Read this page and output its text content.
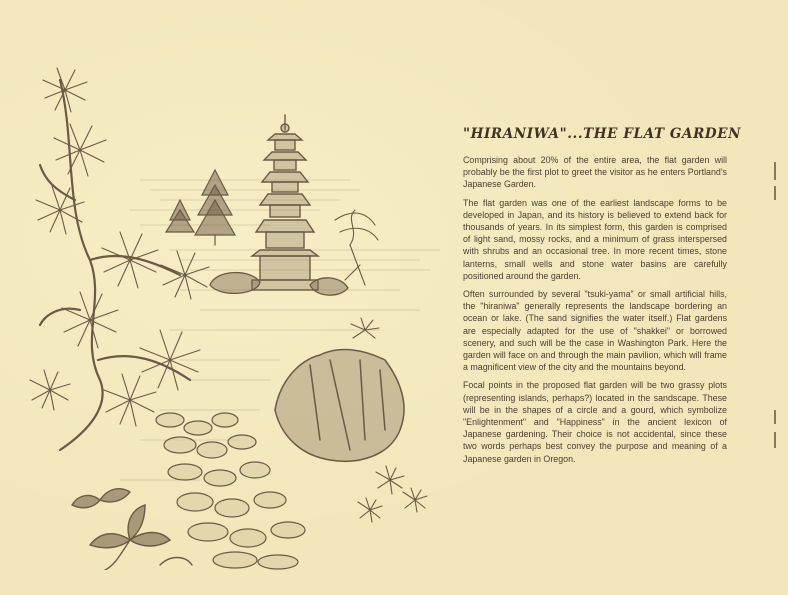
"HIRANIWA"...THE FLAT GARDEN

Comprising about 20% of the entire area, the flat garden will probably be the first plot to greet the visitor as he enters Portland's Japanese Garden.

The flat garden was one of the earliest landscape forms to be developed in Japan, and its history is believed to extend back for thousands of years. In its simplest form, this garden is comprised of light sand, mossy rocks, and a minimum of grass interspersed with shrubs and an occasional tree. In more recent times, stone lanterns, small wells and stone water basins are carefully positioned around the garden.

Often surrounded by several "tsuki-yama" or small artificial hills, the "hiraniwa" generally represents the landscape bordering an ocean or lake. (The sand signifies the water itself.) Flat gardens are especially adapted for the use of "shakkei" or borrowed scenery, and such will be the case in Washington Park. Here the garden will face on and through the main pavilion, which will frame a magnificent view of the city and the mountains beyond.

Focal points in the proposed flat garden will be two grassy plots (representing islands, perhaps?) located in the sandscape. These will be in the shapes of a circle and a gourd, which symbolize "Enlightenment" and "Happiness" in the ancient lexicon of Japanese gardening. Their choice is not accidental, since these two words perhaps best convey the purpose and meaning of a Japanese garden in Oregon.
